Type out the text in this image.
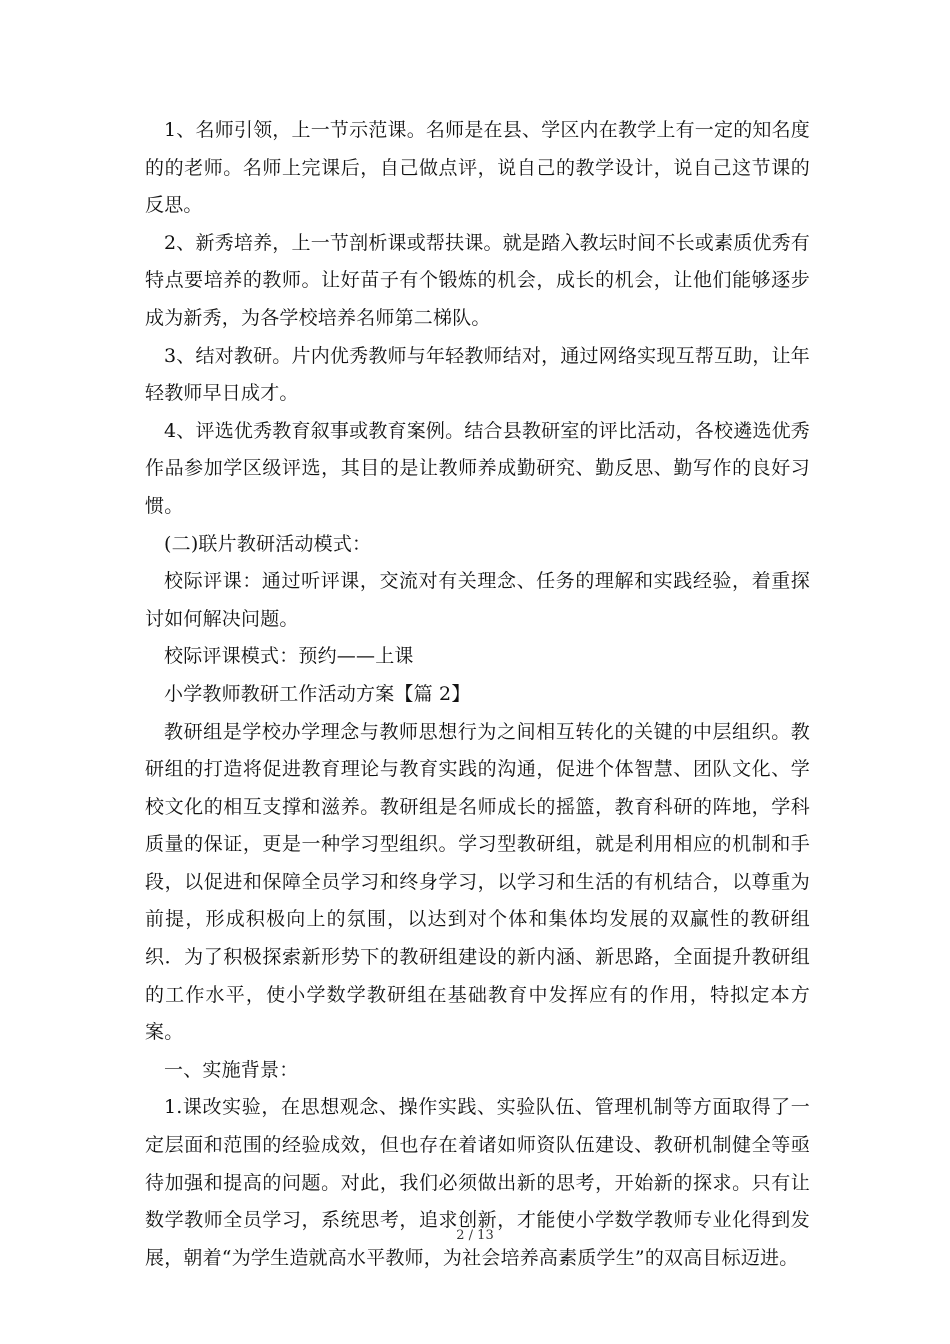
1、名师引领，上一节示范课。名师是在县、学区内在教学上有一定的知名度的的老师。名师上完课后，自己做点评，说自己的教学设计，说自己这节课的反思。

2、新秀培养，上一节剖析课或帮扶课。就是踏入教坛时间不长或素质优秀有特点要培养的教师。让好苗子有个锻炼的机会，成长的机会，让他们能够逐步成为新秀，为各学校培养名师第二梯队。

3、结对教研。片内优秀教师与年轻教师结对，通过网络实现互帮互助，让年轻教师早日成才。

4、评选优秀教育叙事或教育案例。结合县教研室的评比活动，各校遴选优秀作品参加学区级评选，其目的是让教师养成勤研究、勤反思、勤写作的良好习惯。

(二)联片教研活动模式：

校际评课：通过听评课，交流对有关理念、任务的理解和实践经验，着重探讨如何解决问题。

校际评课模式：预约——上课

小学教师教研工作活动方案【篇 2】

教研组是学校办学理念与教师思想行为之间相互转化的关键的中层组织。教研组的打造将促进教育理论与教育实践的沟通，促进个体智慧、团队文化、学校文化的相互支撑和滋养。教研组是名师成长的摇篮，教育科研的阵地，学科质量的保证，更是一种学习型组织。学习型教研组，就是利用相应的机制和手段，以促进和保障全员学习和终身学习，以学习和生活的有机结合，以尊重为前提，形成积极向上的氛围，以达到对个体和集体均发展的双赢性的教研组织．为了积极探索新形势下的教研组建设的新内涵、新思路，全面提升教研组的工作水平，使小学数学教研组在基础教育中发挥应有的作用，特拟定本方案。

一、实施背景：

1.课改实验，在思想观念、操作实践、实验队伍、管理机制等方面取得了一定层面和范围的经验成效，但也存在着诸如师资队伍建设、教研机制健全等亟待加强和提高的问题。对此，我们必须做出新的思考，开始新的探求。只有让数学教师全员学习，系统思考，追求创新，才能使小学数学教师专业化得到发展，朝着“为学生造就高水平教师，为社会培养高素质学生”的双高目标迈进。

2 / 13
